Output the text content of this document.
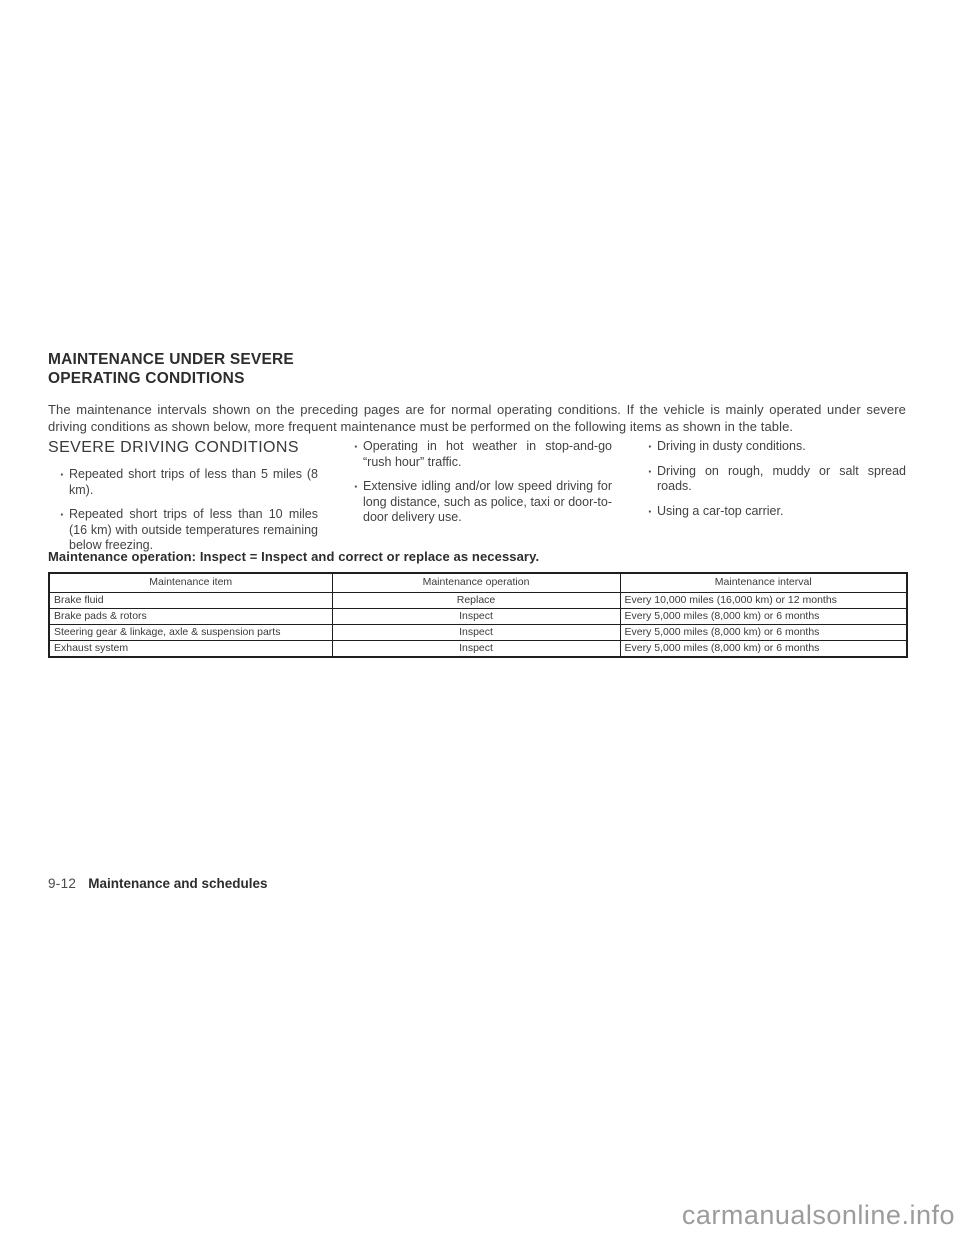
MAINTENANCE UNDER SEVERE
OPERATING CONDITIONS
The maintenance intervals shown on the preceding pages are for normal operating conditions. If the vehicle is mainly operated under severe driving conditions as shown below, more frequent maintenance must be performed on the following items as shown in the table.
SEVERE DRIVING CONDITIONS
· Repeated short trips of less than 5 miles (8 km).
· Repeated short trips of less than 10 miles (16 km) with outside temperatures remaining below freezing.
· Operating in hot weather in stop-and-go “rush hour” traffic.
· Extensive idling and/or low speed driving for long distance, such as police, taxi or door-to-door delivery use.
· Driving in dusty conditions.
· Driving on rough, muddy or salt spread roads.
· Using a car-top carrier.
Maintenance operation: Inspect = Inspect and correct or replace as necessary.
Maintenance item	Maintenance operation	Maintenance interval
Brake fluid	Replace	Every 10,000 miles (16,000 km) or 12 months
Brake pads & rotors	Inspect	Every 5,000 miles (8,000 km) or 6 months
Steering gear & linkage, axle & suspension parts	Inspect	Every 5,000 miles (8,000 km) or 6 months
Exhaust system	Inspect	Every 5,000 miles (8,000 km) or 6 months
9-12 Maintenance and schedules
carmanualsonline.info
